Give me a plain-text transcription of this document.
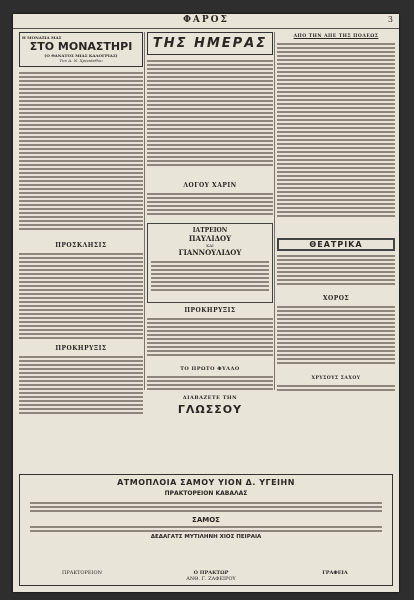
ΦΑΡΟΣ	3
Η ΜΟΝΑΞΙΑ ΜΑΣ
ΣΤΟ ΜΟΝΑΣΤΗΡΙ
(Ο ΘΑΝΑΤΟΣ ΜΙΑΣ ΚΑΛΟΓΡΙΑΣ)
Του Α. Ν. Χρυσάνθου
ΠΡΟΣΚΛΗΣΙΣ
ΠΡΟΚΗΡΥΞΙΣ
ΤΗΣ ΗΜΕΡΑΣ
ΛΟΓΟΥ ΧΑΡΙΝ
ΙΑΤΡΕΙΟΝ
ΠΑΥΛΙΔΟΥ
ΚΑΙ
ΓΙΑΝΝΟΥΛΙΔΟΥ
ΠΡΟΚΗΡΥΞΙΣ
ΤΟ ΠΡΩΤΟ ΦΥΛΛΟ
ΔΙΑΒΑΖΕΤΕ ΤΗΝ
ΓΛΩΣΣΟΥ
ΑΠΟ ΤΗΝ ΑΠΕ ΤΗΣ ΠΟΛΕΩΣ
ΘΕΑΤΡΙΚΑ
ΧΟΡΟΣ
ΧΡΥΣΟΥΣ ΣΑΧΟΥ
ΑΤΜΟΠΛΟΙΑ ΣΑΜΟΥ ΥΙΟΝ Δ. ΥΓΕΙΗΝ
ΠΡΑΚΤΟΡΕΙΟΝ ΚΑΒΑΛΑΣ
ΣΑΜΟΣ
ΔΕΔΑΓΑΤΣ ΜΥΤΙΛΗΝΗ ΧΙΟΣ ΠΕΙΡΑΙΑ
ΠΡΑΚΤΟΡΕΙΟΝ	Ο ΠΡΑΚΤΩΡ
ΑΝΘ. Γ. ΖΑΦΕΙΡΟΥ
ΓΡΑΦΕΙΑ
